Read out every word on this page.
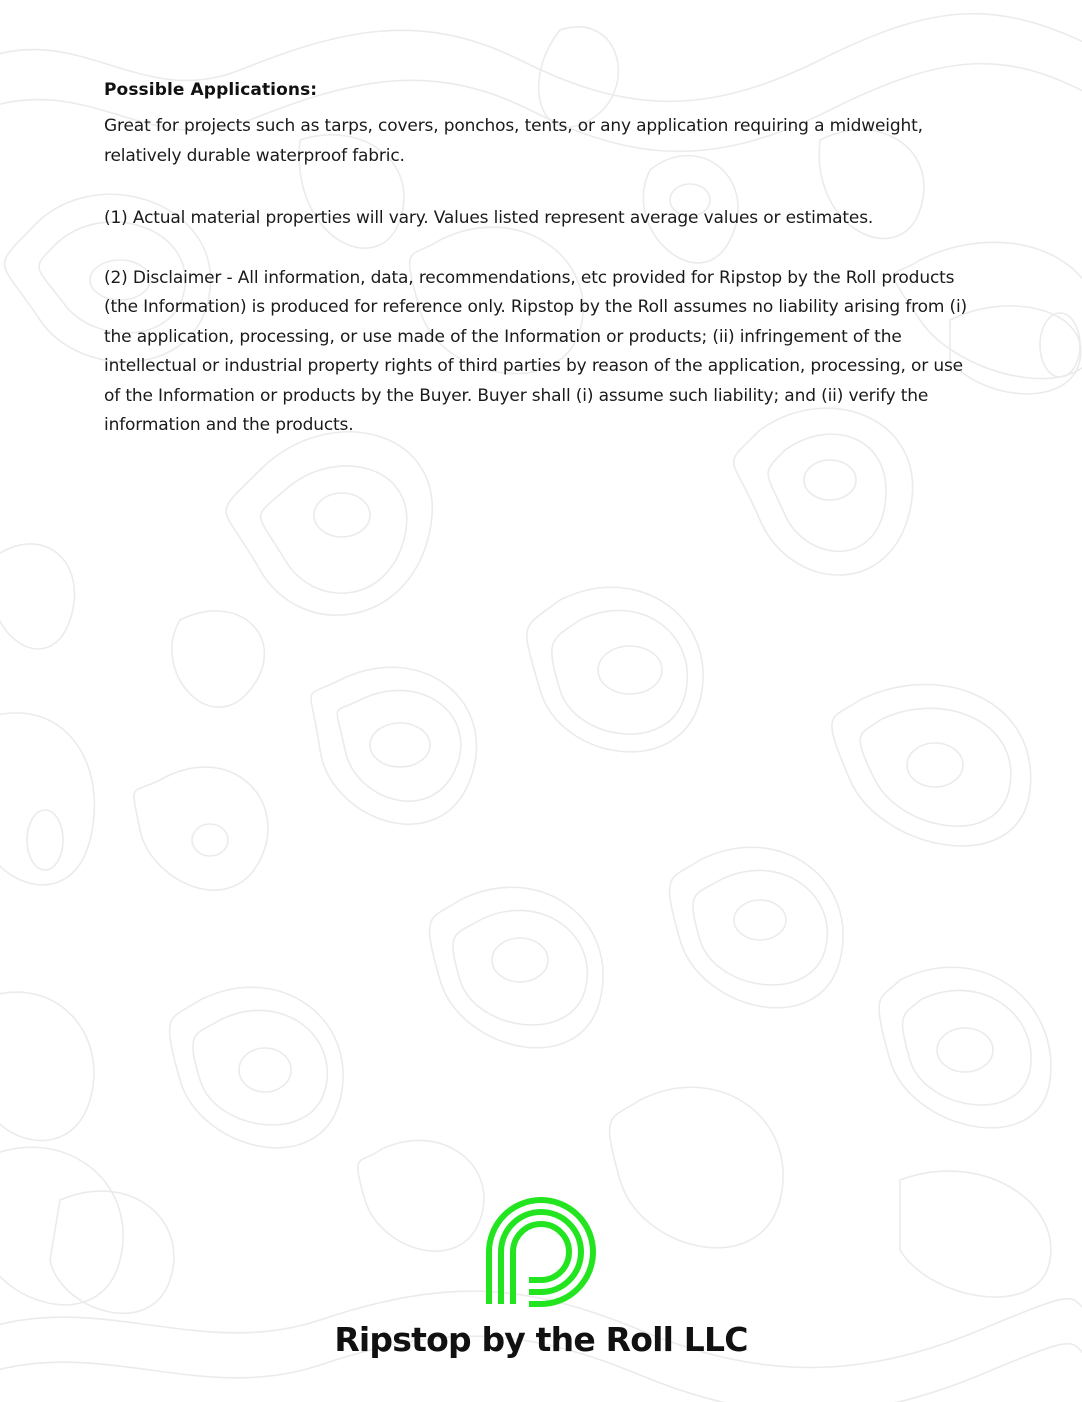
Possible Applications:

Great for projects such as tarps, covers, ponchos, tents, or any application requiring a midweight, relatively durable waterproof fabric.

(1) Actual material properties will vary. Values listed represent average values or estimates.

(2) Disclaimer - All information, data, recommendations, etc provided for Ripstop by the Roll products (the Information) is produced for reference only. Ripstop by the Roll assumes no liability arising from (i) the application, processing, or use made of the Information or products; (ii) infringement of the intellectual or industrial property rights of third parties by reason of the application, processing, or use of the Information or products by the Buyer. Buyer shall (i) assume such liability; and (ii) verify the information and the products.

Ripstop by the Roll LLC
